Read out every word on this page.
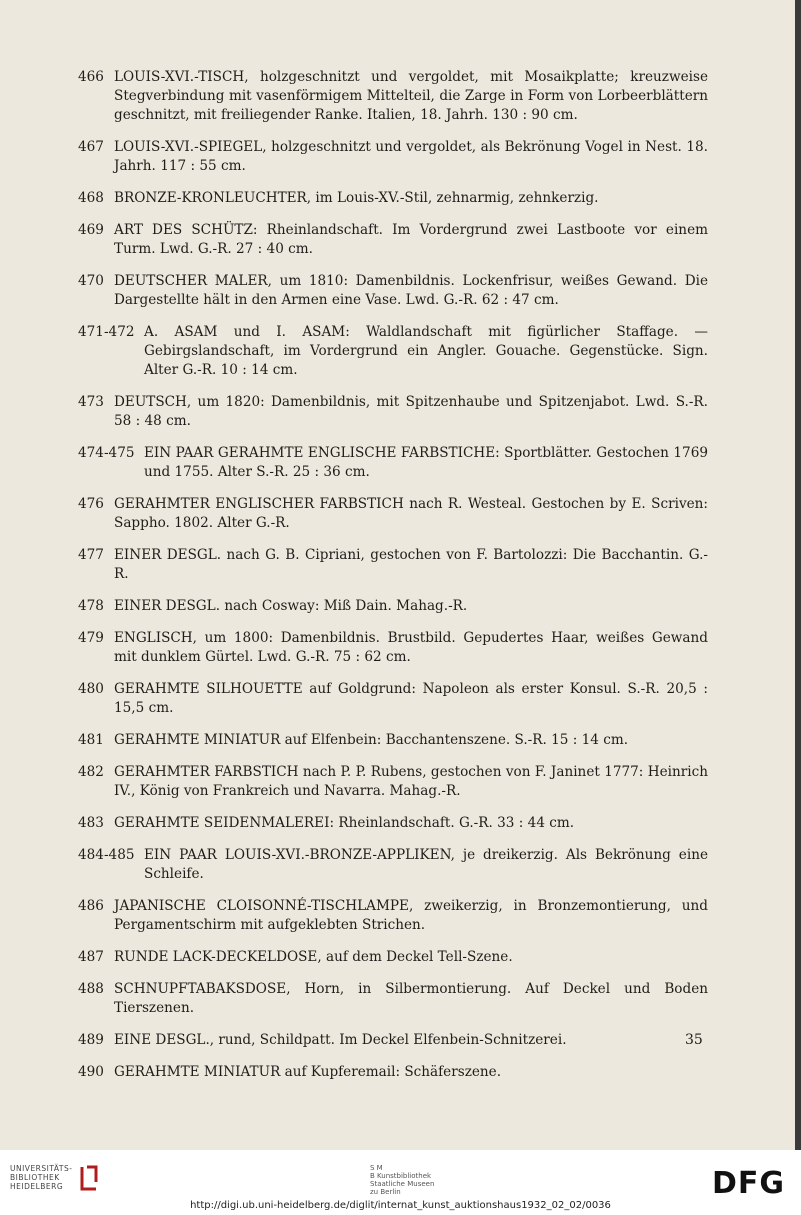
466 LOUIS-XVI.-TISCH, holzgeschnitzt und vergoldet, mit Mosaikplatte; kreuzweise Stegverbindung mit vasenförmigem Mittelteil, die Zarge in Form von Lorbeerblättern geschnitzt, mit freiliegender Ranke. Italien, 18. Jahrh. 130 : 90 cm.
467 LOUIS-XVI.-SPIEGEL, holzgeschnitzt und vergoldet, als Bekrönung Vogel in Nest. 18. Jahrh. 117 : 55 cm.
468 BRONZE-KRONLEUCHTER, im Louis-XV.-Stil, zehnarmig, zehnkerzig.
469 ART DES SCHÜTZ: Rheinlandschaft. Im Vordergrund zwei Lastboote vor einem Turm. Lwd. G.-R. 27 : 40 cm.
470 DEUTSCHER MALER, um 1810: Damenbildnis. Lockenfrisur, weißes Gewand. Die Dargestellte hält in den Armen eine Vase. Lwd. G.-R. 62 : 47 cm.
471-472 A. ASAM und I. ASAM: Waldlandschaft mit figürlicher Staffage. — Gebirgslandschaft, im Vordergrund ein Angler. Gouache. Gegenstücke. Sign. Alter G.-R. 10 : 14 cm.
473 DEUTSCH, um 1820: Damenbildnis, mit Spitzenhaube und Spitzenjabot. Lwd. S.-R. 58 : 48 cm.
474-475 EIN PAAR GERAHMTE ENGLISCHE FARBSTICHE: Sportblätter. Gestochen 1769 und 1755. Alter S.-R. 25 : 36 cm.
476 GERAHMTER ENGLISCHER FARBSTICH nach R. Westeal. Gestochen by E. Scriven: Sappho. 1802. Alter G.-R.
477 EINER DESGL. nach G. B. Cipriani, gestochen von F. Bartolozzi: Die Bacchantin. G.-R.
478 EINER DESGL. nach Cosway: Miß Dain. Mahag.-R.
479 ENGLISCH, um 1800: Damenbildnis. Brustbild. Gepudertes Haar, weißes Gewand mit dunklem Gürtel. Lwd. G.-R. 75 : 62 cm.
480 GERAHMTE SILHOUETTE auf Goldgrund: Napoleon als erster Konsul. S.-R. 20,5 : 15,5 cm.
481 GERAHMTE MINIATUR auf Elfenbein: Bacchantenszene. S.-R. 15 : 14 cm.
482 GERAHMTER FARBSTICH nach P. P. Rubens, gestochen von F. Janinet 1777: Heinrich IV., König von Frankreich und Navarra. Mahag.-R.
483 GERAHMTE SEIDENMALEREI: Rheinlandschaft. G.-R. 33 : 44 cm.
484-485 EIN PAAR LOUIS-XVI.-BRONZE-APPLIKEN, je dreikerzig. Als Bekrönung eine Schleife.
486 JAPANISCHE CLOISONNÉ-TISCHLAMPE, zweikerzig, in Bronzemontierung, und Pergamentschirm mit aufgeklebten Strichen.
487 RUNDE LACK-DECKELDOSE, auf dem Deckel Tell-Szene.
488 SCHNUPFTABAKSDOSE, Horn, in Silbermontierung. Auf Deckel und Boden Tierszenen.
489 EINE DESGL., rund, Schildpatt. Im Deckel Elfenbein-Schnitzerei.
490 GERAHMTE MINIATUR auf Kupferemail: Schäferszene.
35
UNIVERSITÄTS-
BIBLIOTHEK
HEIDELBERG
S M
B Kunstbibliothek
Staatliche Museen
zu Berlin	DFG
http://digi.ub.uni-heidelberg.de/diglit/internat_kunst_auktionshaus1932_02_02/0036
